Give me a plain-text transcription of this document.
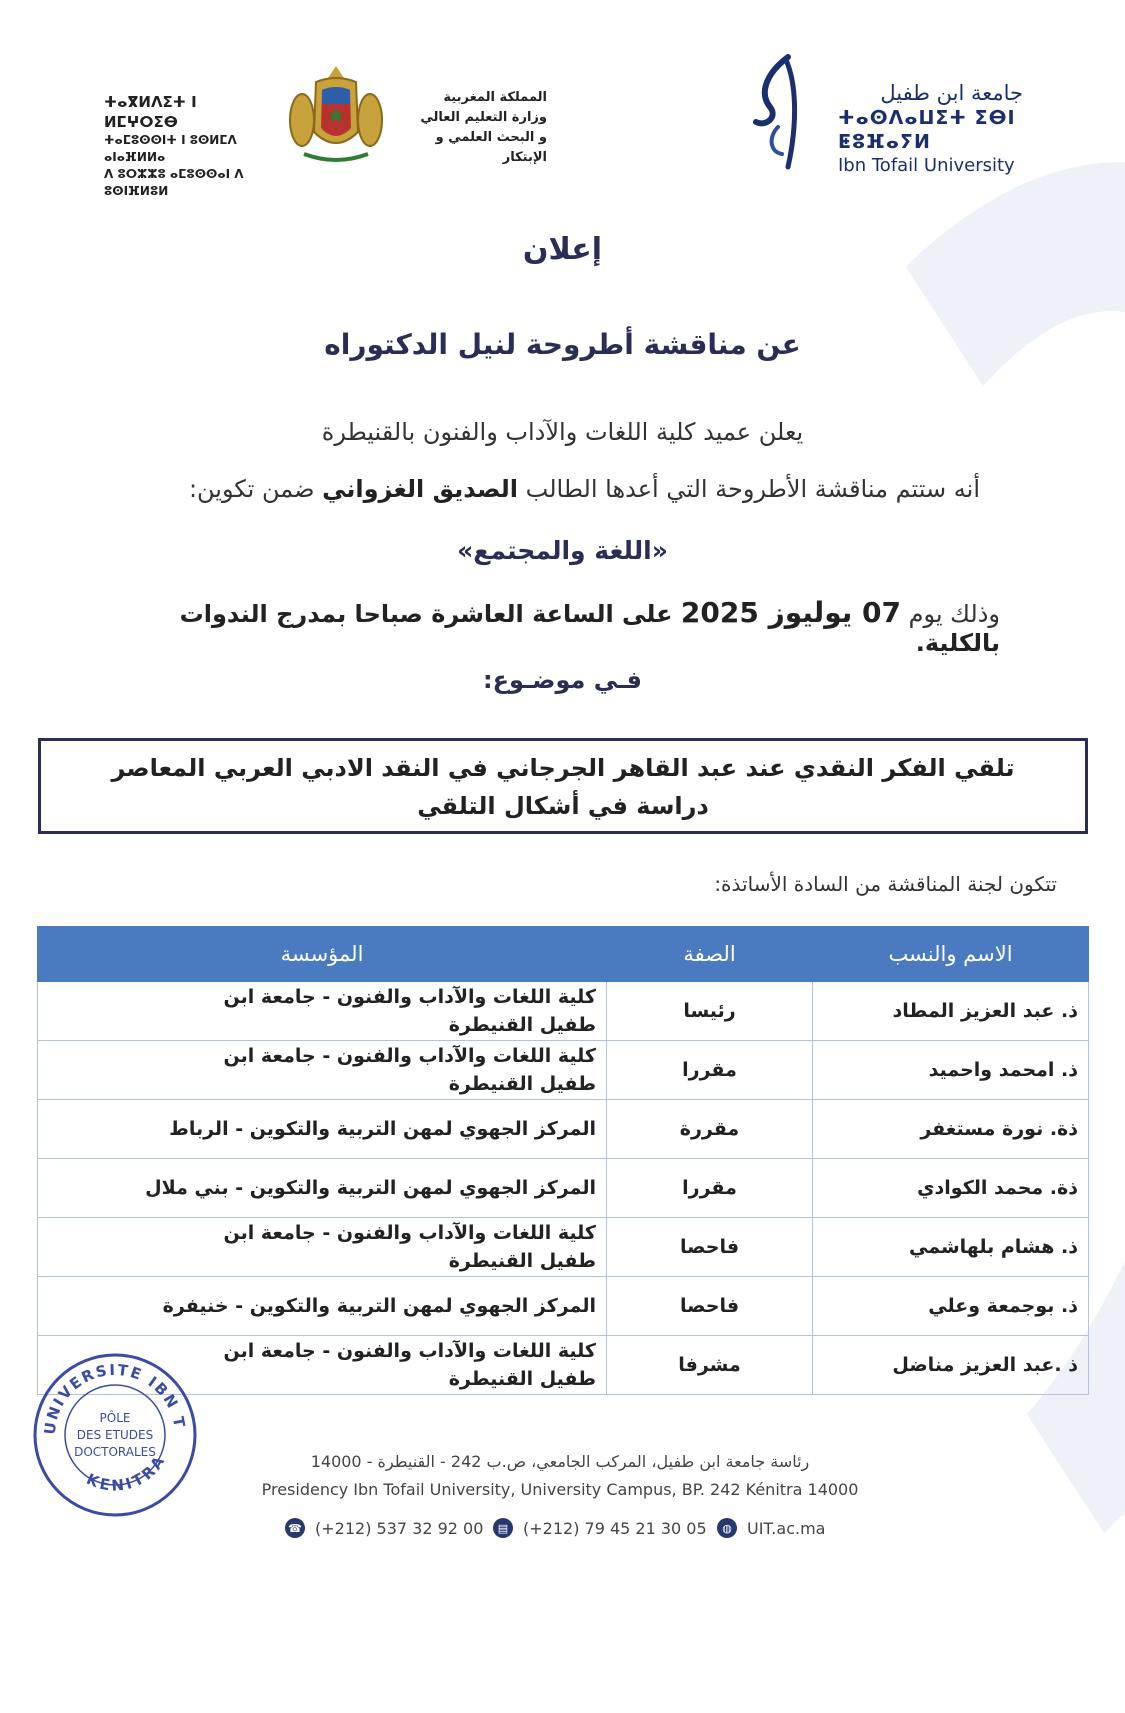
جامعة ابن طفيل
ⵜⴰⵙⴷⴰⵡⵉⵜ ⵉⴱⵏ ⵟⵓⴼⴰⵢⵍ
Ibn Tofail University
المملكة المغربية
وزارة التعليم العالي
و البحث العلمي و الإبتكار
ⵜⴰⴳⵍⴷⵉⵜ ⵏ ⵍⵎⵖⵔⵉⴱ
ⵜⴰⵎⵓⵙⵙⵏⵜ ⵏ ⵓⵙⵍⵎⴷ ⴰⵏⴰⴼⵍⵍⴰ
ⴷ ⵓⵔⵣⵣⵓ ⴰⵎⵓⵙⵙⴰⵏ ⴷ ⵓⵙⵏⴼⵍⵓⵍ
إعلان
عن مناقشة أطروحة لنيل الدكتوراه
يعلن عميد كلية اللغات والآداب والفنون بالقنيطرة
أنه ستتم مناقشة الأطروحة التي أعدها الطالب الصديق الغزواني ضمن تكوين:
«اللغة والمجتمع»
وذلك يوم 07 يوليوز 2025 على الساعة العاشرة صباحا بمدرج الندوات بالكلية.
فـي موضـوع:
تلقي الفكر النقدي عند عبد القاهر الجرجاني في النقد الادبي العربي المعاصر
دراسة في أشكال التلقي
تتكون لجنة المناقشة من السادة الأساتذة:
الاسم والنسب	الصفة	المؤسسة
ذ. عبد العزيز المطاد	رئيسا	كلية اللغات والآداب والفنون - جامعة ابن طفيل القنيطرة
ذ. امحمد واحميد	مقررا	كلية اللغات والآداب والفنون - جامعة ابن طفيل القنيطرة
ذة. نورة مستغفر	مقررة	المركز الجهوي لمهن التربية والتكوين - الرباط
ذة. محمد الكوادي	مقررا	المركز الجهوي لمهن التربية والتكوين - بني ملال
ذ. هشام بلهاشمي	فاحصا	كلية اللغات والآداب والفنون - جامعة ابن طفيل القنيطرة
ذ. بوجمعة وعلي	فاحصا	المركز الجهوي لمهن التربية والتكوين - خنيفرة
ذ .عبد العزيز مناضل	مشرفا	كلية اللغات والآداب والفنون - جامعة ابن طفيل القنيطرة
UNIVERSITE IBN T
KENITRA
PÔLE
DES ETUDES
DOCTORALES	رئاسة جامعة ابن طفيل، المركب الجامعي، ص.ب 242 - القنيطرة - 14000
Presidency Ibn Tofail University, University Campus, BP. 242 Kénitra 14000
☎ (+212) 537 32 92 00	▤ (+212) 79 45 21 30 05	◍ UIT.ac.ma
